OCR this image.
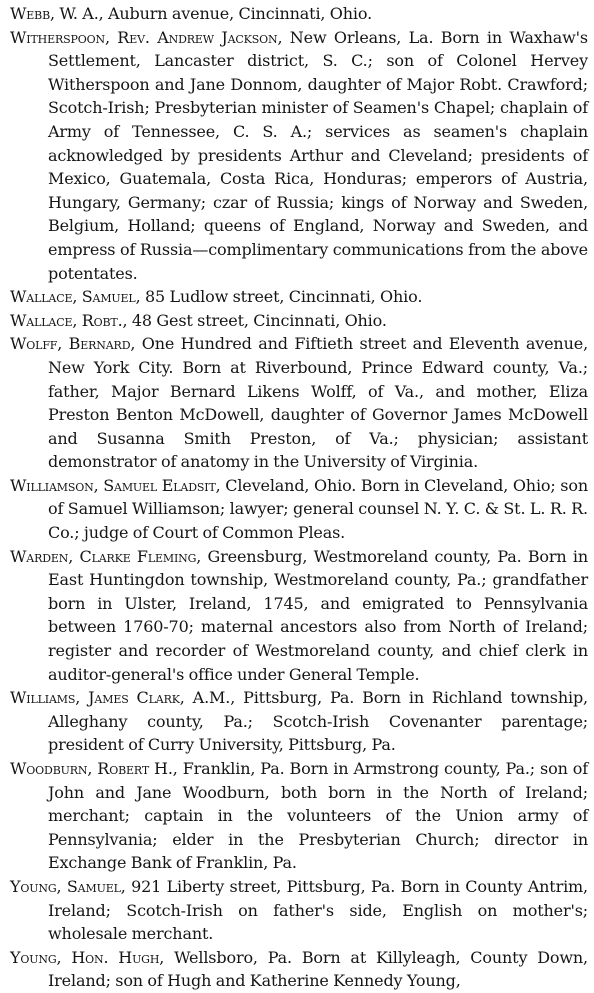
Webb, W. A., Auburn avenue, Cincinnati, Ohio.

Witherspoon, Rev. Andrew Jackson, New Orleans, La. Born in Waxhaw's Settlement, Lancaster district, S. C.; son of Colonel Hervey Witherspoon and Jane Donnom, daughter of Major Robt. Crawford; Scotch-Irish; Presbyterian minister of Seamen's Chapel; chaplain of Army of Tennessee, C. S. A.; services as seamen's chaplain acknowledged by presidents Arthur and Cleveland; presidents of Mexico, Guatemala, Costa Rica, Honduras; emperors of Austria, Hungary, Germany; czar of Russia; kings of Norway and Sweden, Belgium, Holland; queens of England, Norway and Sweden, and empress of Russia—complimentary communications from the above potentates.

Wallace, Samuel, 85 Ludlow street, Cincinnati, Ohio.

Wallace, Robt., 48 Gest street, Cincinnati, Ohio.

Wolff, Bernard, One Hundred and Fiftieth street and Eleventh avenue, New York City. Born at Riverbound, Prince Edward county, Va.; father, Major Bernard Likens Wolff, of Va., and mother, Eliza Preston Benton McDowell, daughter of Governor James McDowell and Susanna Smith Preston, of Va.; physician; assistant demonstrator of anatomy in the University of Virginia.

Williamson, Samuel Eladsit, Cleveland, Ohio. Born in Cleveland, Ohio; son of Samuel Williamson; lawyer; general counsel N. Y. C. & St. L. R. R. Co.; judge of Court of Common Pleas.

Warden, Clarke Fleming, Greensburg, Westmoreland county, Pa. Born in East Huntingdon township, Westmoreland county, Pa.; grandfather born in Ulster, Ireland, 1745, and emigrated to Pennsylvania between 1760-70; maternal ancestors also from North of Ireland; register and recorder of Westmoreland county, and chief clerk in auditor-general's office under General Temple.

Williams, James Clark, A.M., Pittsburg, Pa. Born in Richland township, Alleghany county, Pa.; Scotch-Irish Covenanter parentage; president of Curry University, Pittsburg, Pa.

Woodburn, Robert H., Franklin, Pa. Born in Armstrong county, Pa.; son of John and Jane Woodburn, both born in the North of Ireland; merchant; captain in the volunteers of the Union army of Pennsylvania; elder in the Presbyterian Church; director in Exchange Bank of Franklin, Pa.

Young, Samuel, 921 Liberty street, Pittsburg, Pa. Born in County Antrim, Ireland; Scotch-Irish on father's side, English on mother's; wholesale merchant.

Young, Hon. Hugh, Wellsboro, Pa. Born at Killyleagh, County Down, Ireland; son of Hugh and Katherine Kennedy Young,
